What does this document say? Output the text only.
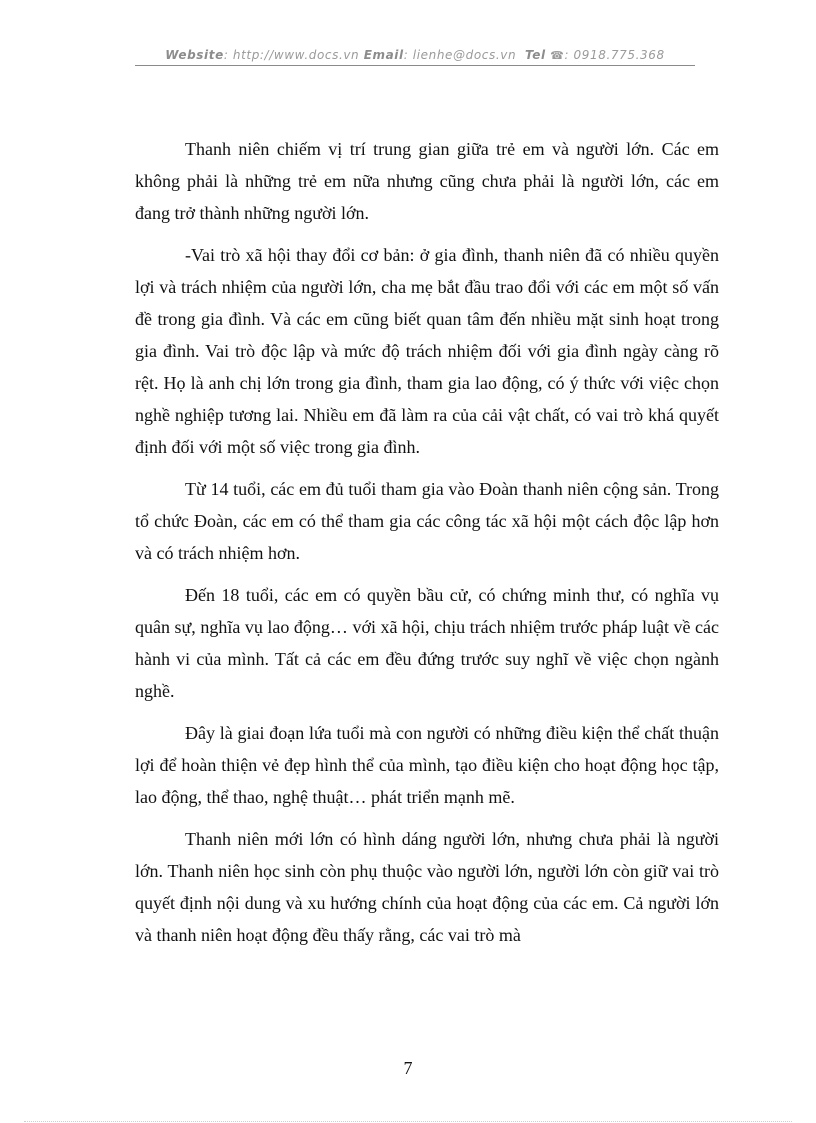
Website: http://www.docs.vn Email: lienhe@docs.vn Tel ☎: 0918.775.368

Thanh niên chiếm vị trí trung gian giữa trẻ em và người lớn. Các em không phải là những trẻ em nữa nhưng cũng chưa phải là người lớn, các em đang trở thành những người lớn.

-Vai trò xã hội thay đổi cơ bản: ở gia đình, thanh niên đã có nhiều quyền lợi và trách nhiệm của người lớn, cha mẹ bắt đầu trao đổi với các em một số vấn đề trong gia đình. Và các em cũng biết quan tâm đến nhiều mặt sinh hoạt trong gia đình. Vai trò độc lập và mức độ trách nhiệm đối với gia đình ngày càng rõ rệt. Họ là anh chị lớn trong gia đình, tham gia lao động, có ý thức với việc chọn nghề nghiệp tương lai. Nhiều em đã làm ra của cải vật chất, có vai trò khá quyết định đối với một số việc trong gia đình.

Từ 14 tuổi, các em đủ tuổi tham gia vào Đoàn thanh niên cộng sản. Trong tổ chức Đoàn, các em có thể tham gia các công tác xã hội một cách độc lập hơn và có trách nhiệm hơn.

Đến 18 tuổi, các em có quyền bầu cử, có chứng minh thư, có nghĩa vụ quân sự, nghĩa vụ lao động… với xã hội, chịu trách nhiệm trước pháp luật về các hành vi của mình. Tất cả các em đều đứng trước suy nghĩ về việc chọn ngành nghề.

Đây là giai đoạn lứa tuổi mà con người có những điều kiện thể chất thuận lợi để hoàn thiện vẻ đẹp hình thể của mình, tạo điều kiện cho hoạt động học tập, lao động, thể thao, nghệ thuật… phát triển mạnh mẽ.

Thanh niên mới lớn có hình dáng người lớn, nhưng chưa phải là người lớn. Thanh niên học sinh còn phụ thuộc vào người lớn, người lớn còn giữ vai trò quyết định nội dung và xu hướng chính của hoạt động của các em. Cả người lớn và thanh niên hoạt động đều thấy rằng, các vai trò mà

7
